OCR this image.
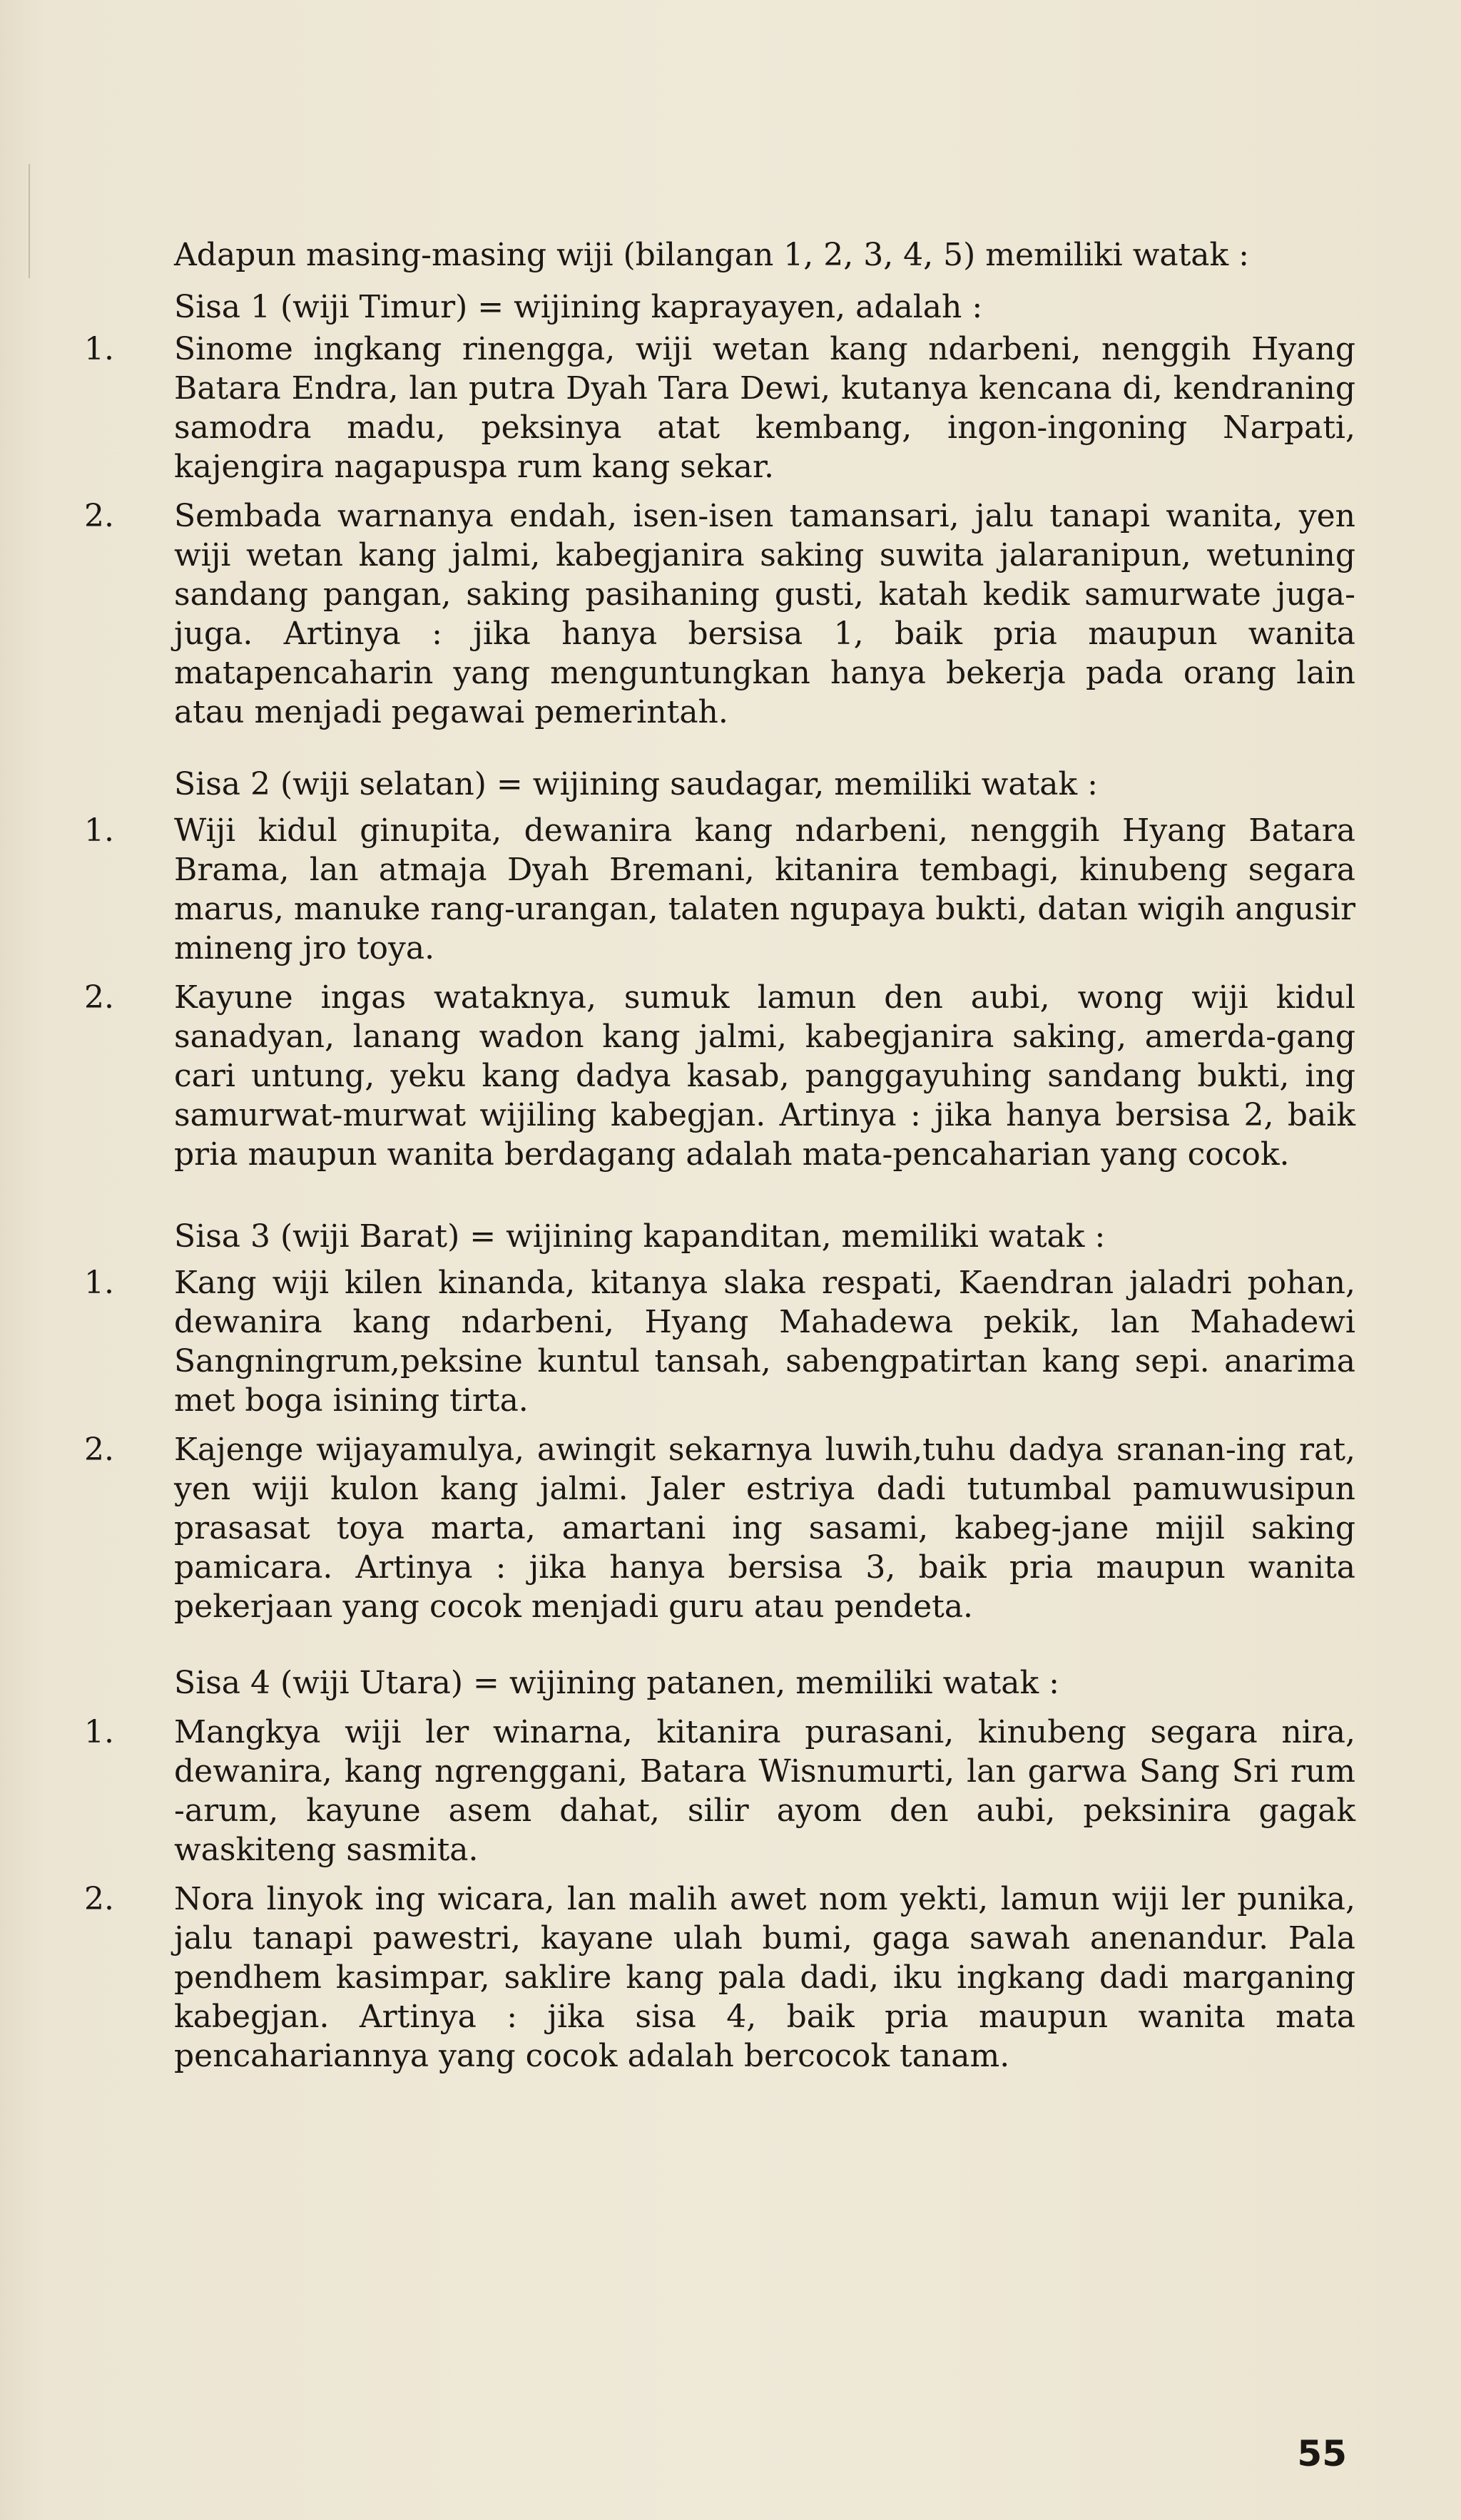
Adapun masing-masing wiji (bilangan 1, 2, 3, 4, 5) memiliki watak :

Sisa 1 (wiji Timur) = wijining kaprayayen, adalah :

1.	Sinome ingkang rinengga, wiji wetan kang ndarbeni, nenggih Hyang Batara Endra, lan putra Dyah Tara Dewi, kutanya kencana di, kendraning samodra madu, peksinya atat kembang, ingon-ingoning Narpati, kajengira nagapuspa rum kang sekar.

2.	Sembada warnanya endah, isen-isen tamansari, jalu tanapi wanita, yen wiji wetan kang jalmi, kabegjanira saking suwita jalaranipun, wetuning sandang pangan, saking pasihaning gusti, katah kedik samurwate juga-juga. Artinya : jika hanya bersisa 1, baik pria maupun wanita matapencaharin yang menguntungkan hanya bekerja pada orang lain atau menjadi pegawai pemerintah.

Sisa 2 (wiji selatan) = wijining saudagar, memiliki watak :

1.	Wiji kidul ginupita, dewanira kang ndarbeni, nenggih Hyang Batara Brama, lan atmaja Dyah Bremani, kitanira tembagi, kinubeng segara marus, manuke rang-urangan, talaten ngupaya bukti, datan wigih angusir mineng jro toya.

2.	Kayune ingas wataknya, sumuk lamun den aubi, wong wiji kidul sanadyan, lanang wadon kang jalmi, kabegjanira saking, amerda-gang cari untung, yeku kang dadya kasab, panggayuhing sandang bukti, ing samurwat-murwat wijiling kabegjan. Artinya : jika hanya bersisa 2, baik pria maupun wanita berdagang adalah mata-pencaharian yang cocok.

Sisa 3 (wiji Barat) = wijining kapanditan, memiliki watak :

1.	Kang wiji kilen kinanda, kitanya slaka respati, Kaendran jaladri pohan, dewanira kang ndarbeni, Hyang Mahadewa pekik, lan Mahadewi Sangningrum,peksine kuntul tansah, sabengpatirtan kang sepi. anarima met boga isining tirta.

2.	Kajenge wijayamulya, awingit sekarnya luwih,tuhu dadya sranan-ing rat, yen wiji kulon kang jalmi. Jaler estriya dadi tutumbal pamuwusipun prasasat toya marta, amartani ing sasami, kabeg-jane mijil saking pamicara. Artinya : jika hanya bersisa 3, baik pria maupun wanita pekerjaan yang cocok menjadi guru atau pendeta.

Sisa 4 (wiji Utara) = wijining patanen, memiliki watak :

1.	Mangkya wiji ler winarna, kitanira purasani, kinubeng segara nira, dewanira, kang ngrenggani, Batara Wisnumurti, lan garwa Sang Sri rum -arum, kayune asem dahat, silir ayom den aubi, peksinira gagak waskiteng sasmita.

2.	Nora linyok ing wicara, lan malih awet nom yekti, lamun wiji ler punika, jalu tanapi pawestri, kayane ulah bumi, gaga sawah anenandur. Pala pendhem kasimpar, saklire kang pala dadi, iku ingkang dadi marganing kabegjan. Artinya : jika sisa 4, baik pria maupun wanita mata pencahariannya yang cocok adalah bercocok tanam.

55
